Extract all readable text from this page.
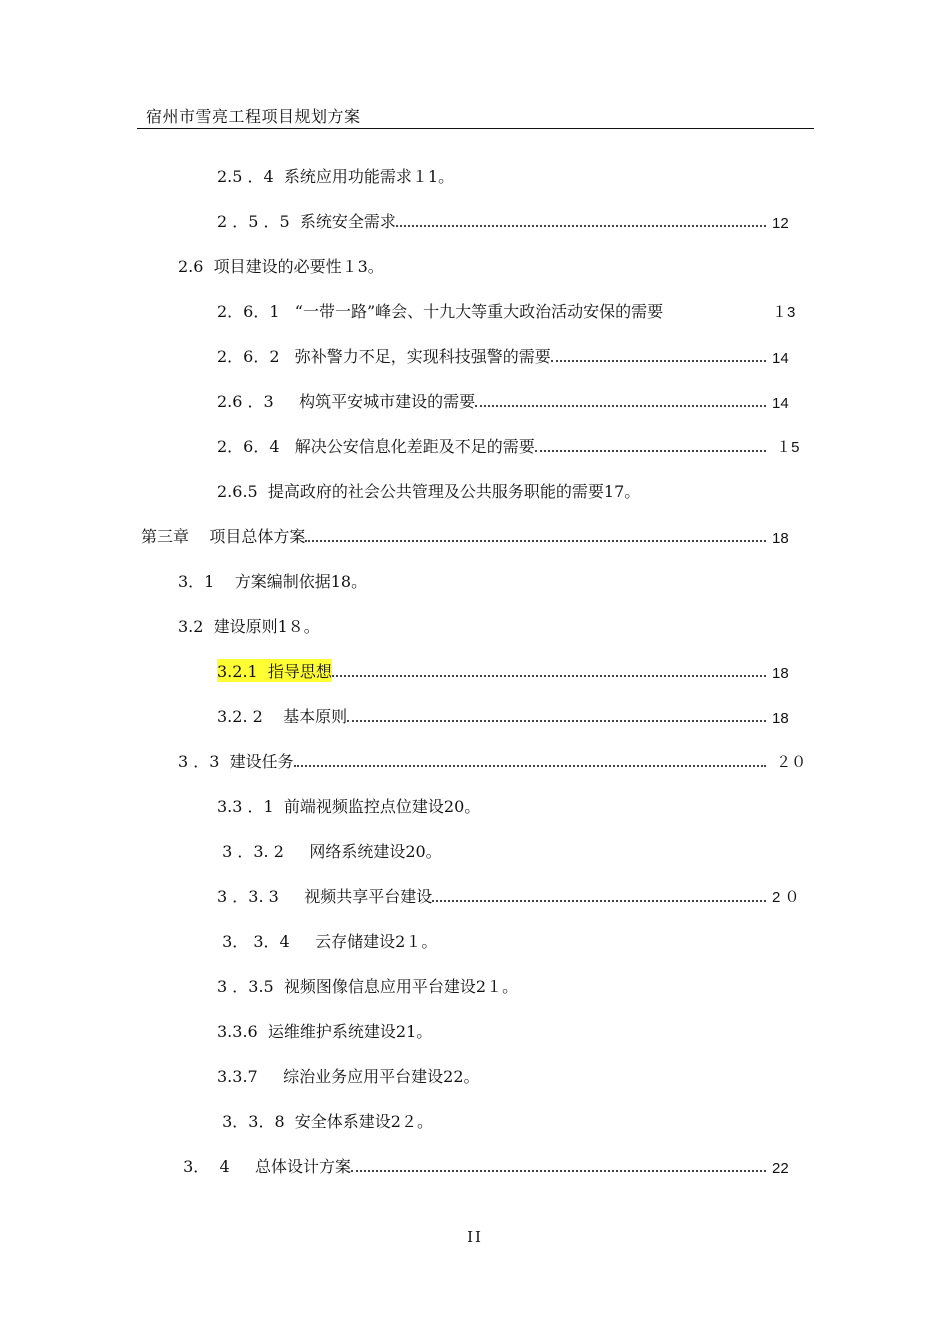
宿州市雪亮工程项目规划方案
2.5 ．4  系统应用功能需求１1。
2 ．5 ．5  系统安全需求	12
2.6  项目建设的必要性１3。
2．6．1   “一带一路”峰会、十九大等重大政治活动安保的需要	１3
2．6．2   弥补警力不足，实现科技强警的需要	14
2.6 ．3     构筑平安城市建设的需要	14
2．6．4   解决公安信息化差距及不足的需要	１5
2.6.5  提高政府的社会公共管理及公共服务职能的需要17。
第三章    项目总体方案	18
3．1    方案编制依据18。
3.2  建设原则1８。
3.2.1  指导思想	18
3.2. 2    基本原则	18
3 ．3  建设任务	２０
3.3 ．1  前端视频监控点位建设20。
3 ．3. 2     网络系统建设20。
3 ．3. 3     视频共享平台建设	2 ０
3． 3．4     云存储建设2１。
3 ．3.5  视频图像信息应用平台建设2１。
3.3.6  运维维护系统建设21。
3.3.7     综治业务应用平台建设22。
3．3．8  安全体系建设2２。
3．  4     总体设计方案	22
II
